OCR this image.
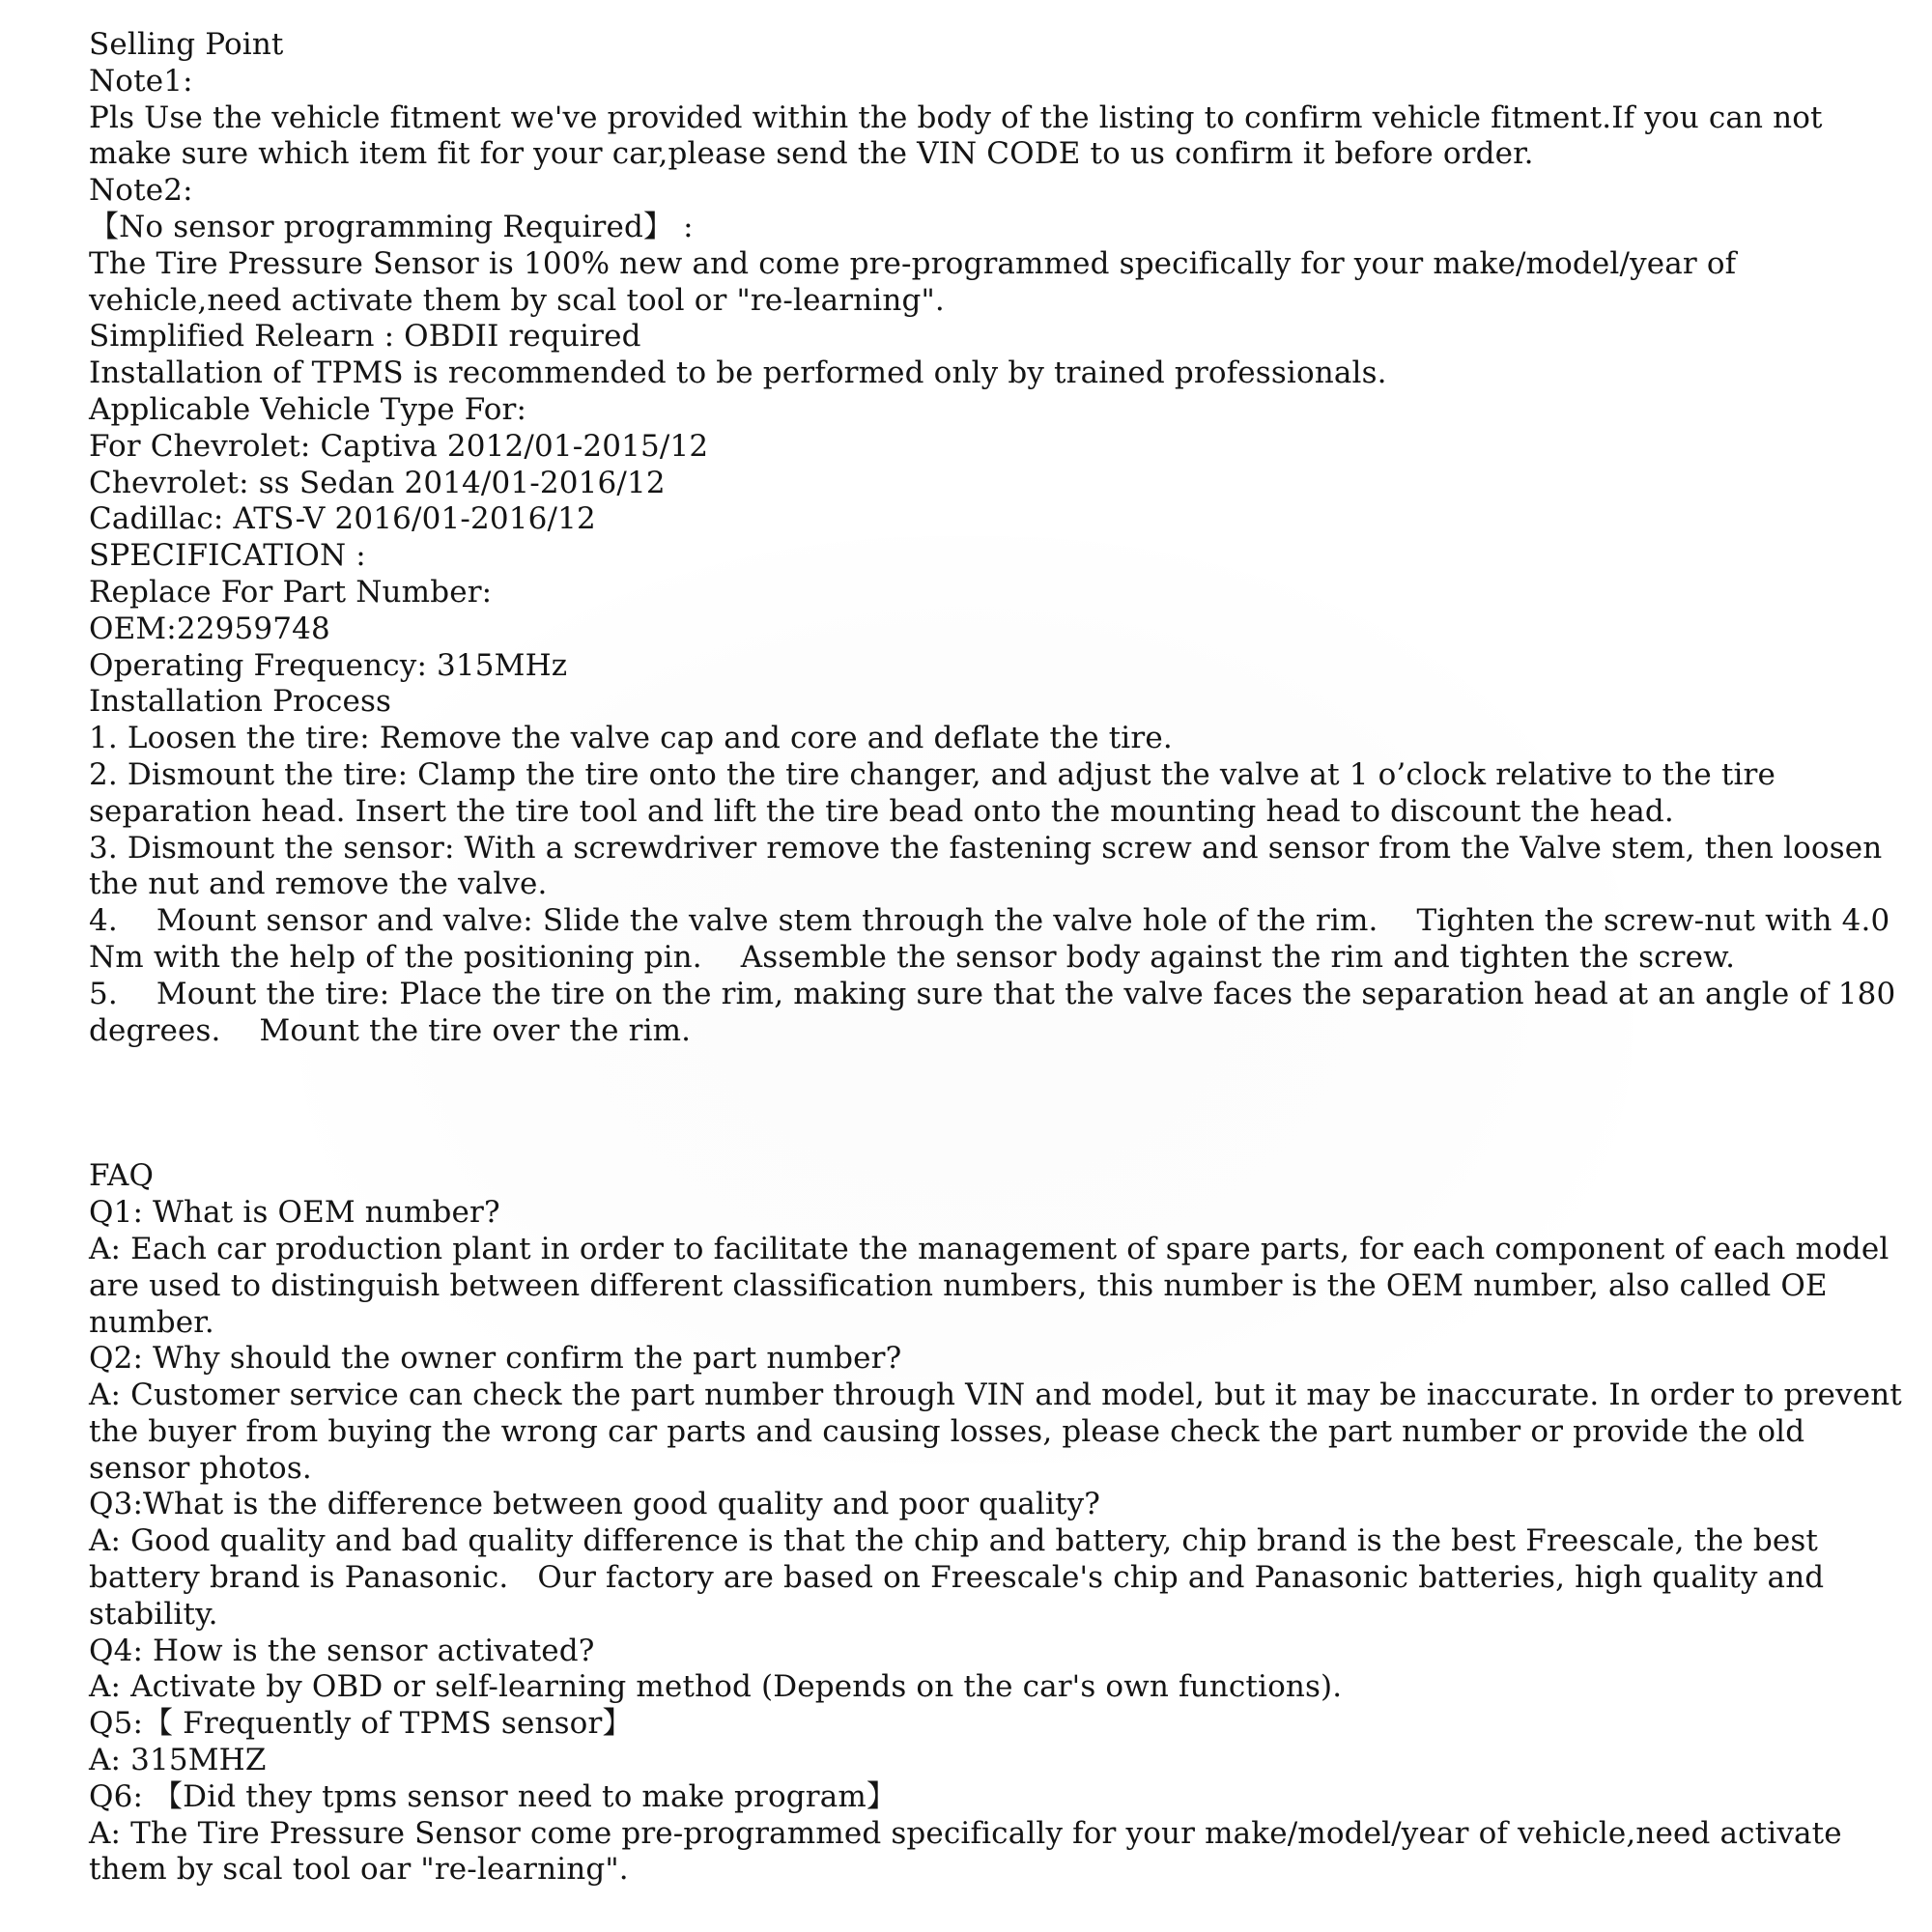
Selling Point
Note1:
Pls Use the vehicle fitment we've provided within the body of the listing to confirm vehicle fitment.If you can not make sure which item fit for your car,please send the VIN CODE to us confirm it before order.
Note2:
【No sensor programming Required】 :
The Tire Pressure Sensor is 100% new and come pre-programmed specifically for your make/model/year of vehicle,need activate them by scal tool or "re-learning".
Simplified Relearn : OBDII required
Installation of TPMS is recommended to be performed only by trained professionals.
Applicable Vehicle Type For:
For Chevrolet: Captiva 2012/01-2015/12
Chevrolet: ss Sedan 2014/01-2016/12
Cadillac: ATS-V 2016/01-2016/12
SPECIFICATION :
Replace For Part Number:
OEM:22959748
Operating Frequency: 315MHz
Installation Process
1. Loosen the tire: Remove the valve cap and core and deflate the tire.
2. Dismount the tire: Clamp the tire onto the tire changer, and adjust the valve at 1 o’clock relative to the tire separation head. Insert the tire tool and lift the tire bead onto the mounting head to discount the head.
3. Dismount the sensor: With a screwdriver remove the fastening screw and sensor from the Valve stem, then loosen the nut and remove the valve.
4.    Mount sensor and valve: Slide the valve stem through the valve hole of the rim.    Tighten the screw-nut with 4.0 Nm with the help of the positioning pin.    Assemble the sensor body against the rim and tighten the screw.
5.    Mount the tire: Place the tire on the rim, making sure that the valve faces the separation head at an angle of 180 degrees.    Mount the tire over the rim.
FAQ
Q1: What is OEM number?
A: Each car production plant in order to facilitate the management of spare parts, for each component of each model are used to distinguish between different classification numbers, this number is the OEM number, also called OE number.
Q2: Why should the owner confirm the part number?
A: Customer service can check the part number through VIN and model, but it may be inaccurate. In order to prevent the buyer from buying the wrong car parts and causing losses, please check the part number or provide the old sensor photos.
Q3:What is the difference between good quality and poor quality?
A: Good quality and bad quality difference is that the chip and battery, chip brand is the best Freescale, the best battery brand is Panasonic.   Our factory are based on Freescale's chip and Panasonic batteries, high quality and stability.
Q4: How is the sensor activated?
A: Activate by OBD or self-learning method (Depends on the car's own functions).
Q5:【 Frequently of TPMS sensor】
A: 315MHZ
Q6: 【Did they tpms sensor need to make program】
A: The Tire Pressure Sensor come pre-programmed specifically for your make/model/year of vehicle,need activate them by scal tool oar "re-learning".
